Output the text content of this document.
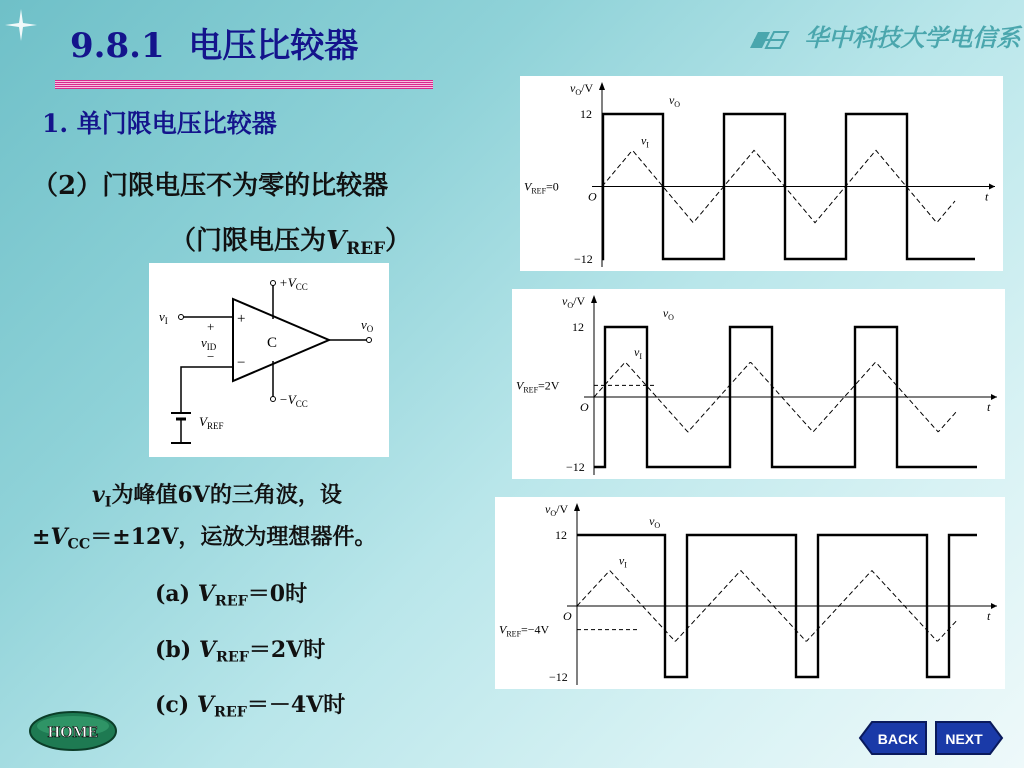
9.8.1 电压比较器	华中科技大学电信系
1. 单门限电压比较器
（2）门限电压不为零的比较器
（门限电压为$V_{REF}$）
C
+
−
$+V_{CC}$
$-V_{CC}$
$v_I$	+
$v_{ID}$
−
$v_O$
$V_{REF}$
$v_I$为峰值6V的三角波，设
$\pm V_{CC}=\pm 12V$，运放为理想器件。
(a) $V_{REF}=0$时
(b) $V_{REF}=2V$时
(c) $V_{REF}=-4V$时
$v_O/V$
12
−12
O	t
$V_{REF}=0$
$v_O$
$v_I$
$v_O/V$
12
−12
O	t
$V_{REF}=2V$
$v_O$
$v_I$
$v_O/V$
12
−12
O	t
$V_{REF}=-4V$
$v_O$
$v_I$
HOME	BACK NEXT
